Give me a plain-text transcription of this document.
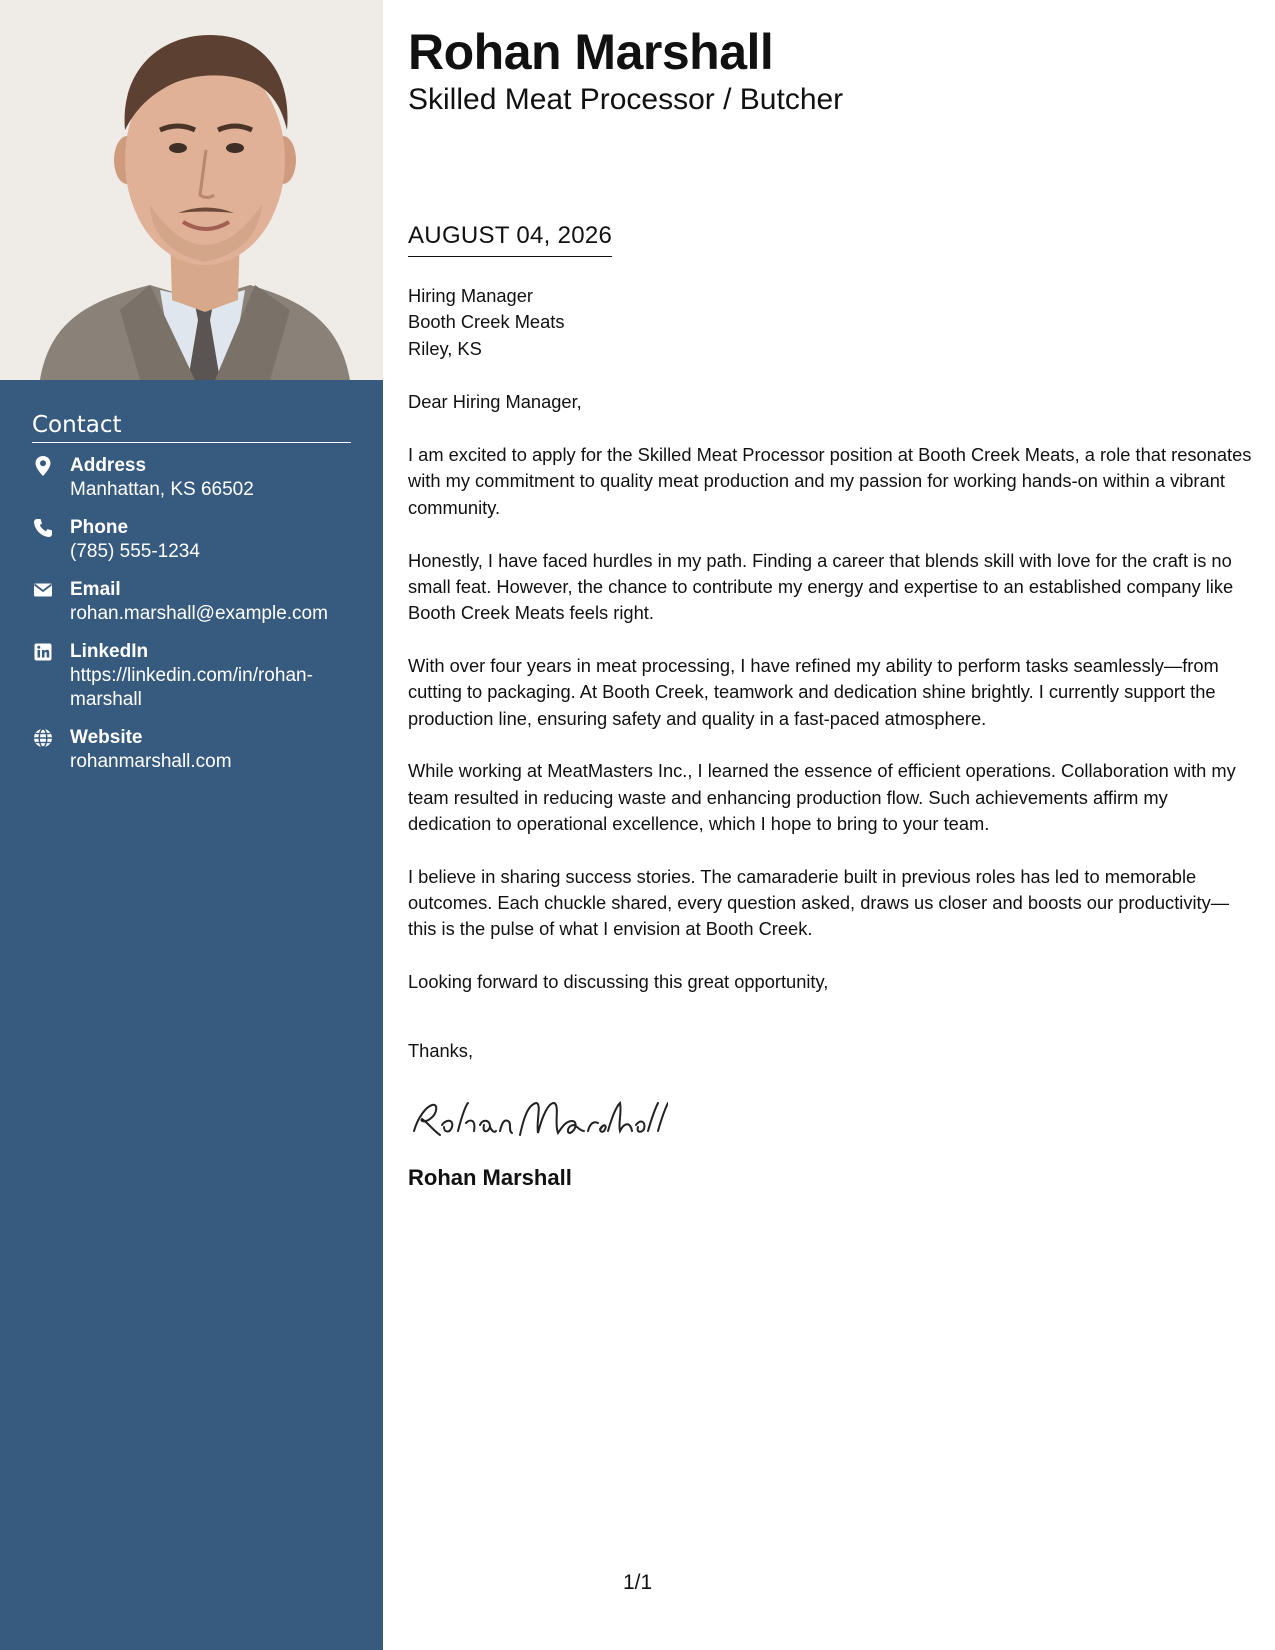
Contact
Address
Manhattan, KS 66502
Phone
(785) 555-1234
Email
rohan.marshall@example.com
LinkedIn
https://linkedin.com/in/rohan-marshall
Website
rohanmarshall.com
Rohan Marshall
Skilled Meat Processor / Butcher
AUGUST 04, 2026
Hiring Manager
Booth Creek Meats
Riley, KS

Dear Hiring Manager,

I am excited to apply for the Skilled Meat Processor position at Booth Creek Meats, a role that resonates with my commitment to quality meat production and my passion for working hands-on within a vibrant community.

Honestly, I have faced hurdles in my path. Finding a career that blends skill with love for the craft is no small feat. However, the chance to contribute my energy and expertise to an established company like Booth Creek Meats feels right.

With over four years in meat processing, I have refined my ability to perform tasks seamlessly—from cutting to packaging. At Booth Creek, teamwork and dedication shine brightly. I currently support the production line, ensuring safety and quality in a fast-paced atmosphere.

While working at MeatMasters Inc., I learned the essence of efficient operations. Collaboration with my team resulted in reducing waste and enhancing production flow. Such achievements affirm my dedication to operational excellence, which I hope to bring to your team.

I believe in sharing success stories. The camaraderie built in previous roles has led to memorable outcomes. Each chuckle shared, every question asked, draws us closer and boosts our productivity—this is the pulse of what I envision at Booth Creek.

Looking forward to discussing this great opportunity,
Thanks,
Rohan Marshall
1/1
